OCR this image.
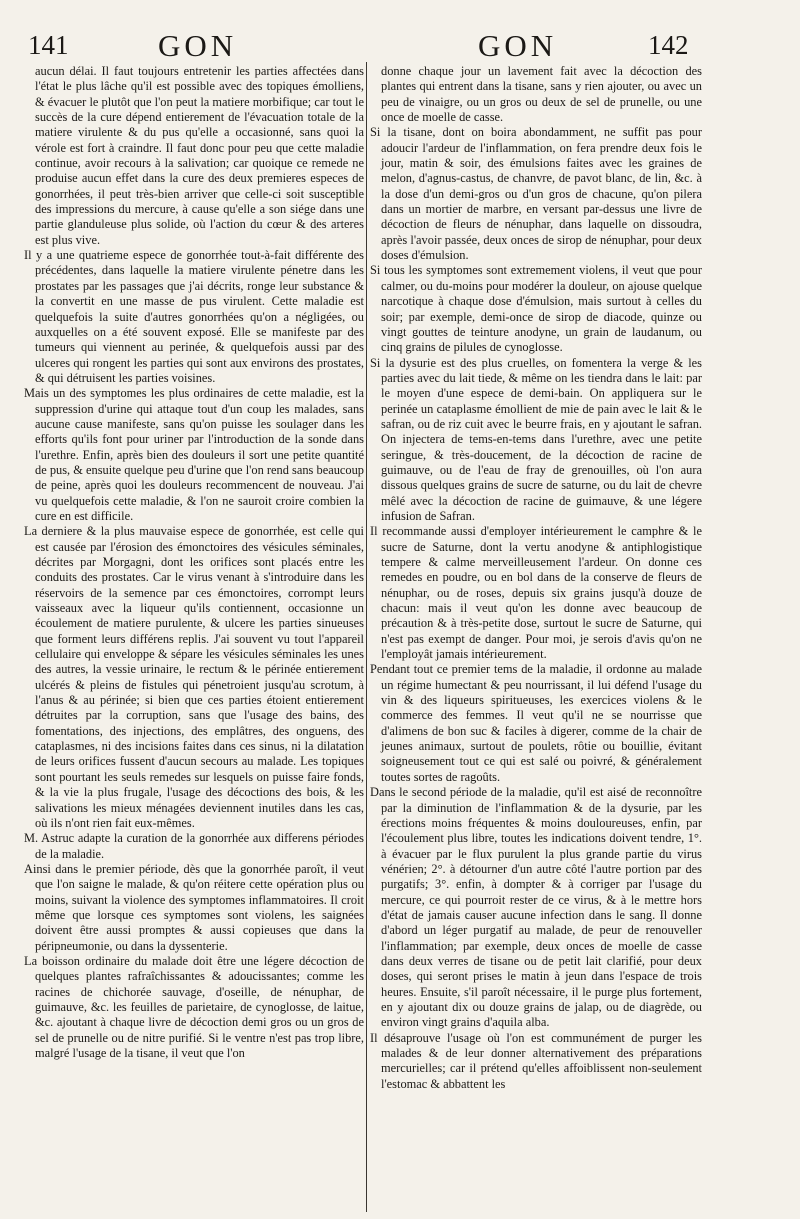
141	GON	GON	142

aucun délai. Il faut toujours entretenir les parties affectées dans l'état le plus lâche qu'il est possible avec des topiques émolliens, & évacuer le plutôt que l'on peut la matiere morbifique; car tout le succès de la cure dépend entierement de l'évacuation totale de la matiere virulente & du pus qu'elle a occasionné, sans quoi la vérole est fort à craindre. Il faut donc pour peu que cette maladie continue, avoir recours à la salivation; car quoique ce remede ne produise aucun effet dans la cure des deux premieres especes de gonorrhées, il peut très-bien arriver que celle-ci soit susceptible des impressions du mercure, à cause qu'elle a son siége dans une partie glanduleuse plus solide, où l'action du cœur & des arteres est plus vive.

Il y a une quatrieme espece de gonorrhée tout-à-fait différente des précédentes, dans laquelle la matiere virulente pénetre dans les prostates par les passages que j'ai décrits, ronge leur substance & la convertit en une masse de pus virulent. Cette maladie est quelquefois la suite d'autres gonorrhées qu'on a négligées, ou auxquelles on a été souvent exposé. Elle se manifeste par des tumeurs qui viennent au perinée, & quelquefois aussi par des ulceres qui rongent les parties qui sont aux environs des prostates, & qui détruisent les parties voisines.

Mais un des symptomes les plus ordinaires de cette maladie, est la suppression d'urine qui attaque tout d'un coup les malades, sans aucune cause manifeste, sans qu'on puisse les soulager dans les efforts qu'ils font pour uriner par l'introduction de la sonde dans l'urethre. Enfin, après bien des douleurs il sort une petite quantité de pus, & ensuite quelque peu d'urine que l'on rend sans beaucoup de peine, après quoi les douleurs recommencent de nouveau. J'ai vu quelquefois cette maladie, & l'on ne sauroit croire combien la cure en est difficile.

La derniere & la plus mauvaise espece de gonorrhée, est celle qui est causée par l'érosion des émonctoires des vésicules séminales, décrites par Morgagni, dont les orifices sont placés entre les conduits des prostates. Car le virus venant à s'introduire dans les réservoirs de la semence par ces émonctoires, corrompt leurs vaisseaux avec la liqueur qu'ils contiennent, occasionne un écoulement de matiere purulente, & ulcere les parties sinueuses que forment leurs différens replis. J'ai souvent vu tout l'appareil cellulaire qui enveloppe & sépare les vésicules séminales les unes des autres, la vessie urinaire, le rectum & le périnée entierement ulcérés & pleins de fistules qui pénetroient jusqu'au scrotum, à l'anus & au périnée; si bien que ces parties étoient entierement détruites par la corruption, sans que l'usage des bains, des fomentations, des injections, des emplâtres, des onguens, des cataplasmes, ni des incisions faites dans ces sinus, ni la dilatation de leurs orifices fussent d'aucun secours au malade. Les topiques sont pourtant les seuls remedes sur lesquels on puisse faire fonds, & la vie la plus frugale, l'usage des décoctions des bois, & les salivations les mieux ménagées deviennent inutiles dans les cas, où ils n'ont rien fait eux-mêmes.

M. Astruc adapte la curation de la gonorrhée aux differens périodes de la maladie.

Ainsi dans le premier période, dès que la gonorrhée paroît, il veut que l'on saigne le malade, & qu'on réitere cette opération plus ou moins, suivant la violence des symptomes inflammatoires. Il croit même que lorsque ces symptomes sont violens, les saignées doivent être aussi promptes & aussi copieuses que dans la péripneumonie, ou dans la dyssenterie.

La boisson ordinaire du malade doit être une légere décoction de quelques plantes rafraîchissantes & adoucissantes; comme les racines de chichorée sauvage, d'oseille, de nénuphar, de guimauve, &c. les feuilles de parietaire, de cynoglosse, de laitue, &c. ajoutant à chaque livre de décoction demi gros ou un gros de sel de prunelle ou de nitre purifié. Si le ventre n'est pas trop libre, malgré l'usage de la tisane, il veut que l'on

donne chaque jour un lavement fait avec la décoction des plantes qui entrent dans la tisane, sans y rien ajouter, ou avec un peu de vinaigre, ou un gros ou deux de sel de prunelle, ou une once de moelle de casse.

Si la tisane, dont on boira abondamment, ne suffit pas pour adoucir l'ardeur de l'inflammation, on fera prendre deux fois le jour, matin & soir, des émulsions faites avec les graines de melon, d'agnus-castus, de chanvre, de pavot blanc, de lin, &c. à la dose d'un demi-gros ou d'un gros de chacune, qu'on pilera dans un mortier de marbre, en versant par-dessus une livre de décoction de fleurs de nénuphar, dans laquelle on dissoudra, après l'avoir passée, deux onces de sirop de nénuphar, pour deux doses d'émulsion.

Si tous les symptomes sont extremement violens, il veut que pour calmer, ou du-moins pour modérer la douleur, on ajouse quelque narcotique à chaque dose d'émulsion, mais surtout à celles du soir; par exemple, demi-once de sirop de diacode, quinze ou vingt gouttes de teinture anodyne, un grain de laudanum, ou cinq grains de pilules de cynoglosse.

Si la dysurie est des plus cruelles, on fomentera la verge & les parties avec du lait tiede, & même on les tiendra dans le lait: par le moyen d'une espece de demi-bain. On appliquera sur le perinée un cataplasme émollient de mie de pain avec le lait & le safran, ou de riz cuit avec le beurre frais, en y ajoutant le safran. On injectera de tems-en-tems dans l'urethre, avec une petite seringue, & très-doucement, de la décoction de racine de guimauve, ou de l'eau de fray de grenouilles, où l'on aura dissous quelques grains de sucre de saturne, ou du lait de chevre mêlé avec la décoction de racine de guimauve, & une légere infusion de Safran.

Il recommande aussi d'employer intérieurement le camphre & le sucre de Saturne, dont la vertu anodyne & antiphlogistique tempere & calme merveilleusement l'ardeur. On donne ces remedes en poudre, ou en bol dans de la conserve de fleurs de nénuphar, ou de roses, depuis six grains jusqu'à douze de chacun: mais il veut qu'on les donne avec beaucoup de précaution & à très-petite dose, surtout le sucre de Saturne, qui n'est pas exempt de danger. Pour moi, je serois d'avis qu'on ne l'employât jamais intérieurement.

Pendant tout ce premier tems de la maladie, il ordonne au malade un régime humectant & peu nourrissant, il lui défend l'usage du vin & des liqueurs spiritueuses, les exercices violens & le commerce des femmes. Il veut qu'il ne se nourrisse que d'alimens de bon suc & faciles à digerer, comme de la chair de jeunes animaux, surtout de poulets, rôtie ou bouillie, évitant soigneusement tout ce qui est salé ou poivré, & généralement toutes sortes de ragoûts.

Dans le second période de la maladie, qu'il est aisé de reconnoître par la diminution de l'inflammation & de la dysurie, par les érections moins fréquentes & moins douloureuses, enfin, par l'écoulement plus libre, toutes les indications doivent tendre, 1°. à évacuer par le flux purulent la plus grande partie du virus vénérien; 2°. à détourner d'un autre côté l'autre portion par des purgatifs; 3°. enfin, à dompter & à corriger par l'usage du mercure, ce qui pourroit rester de ce virus, & à le mettre hors d'état de jamais causer aucune infection dans le sang. Il donne d'abord un léger purgatif au malade, de peur de renouveller l'inflammation; par exemple, deux onces de moelle de casse dans deux verres de tisane ou de petit lait clarifié, pour deux doses, qui seront prises le matin à jeun dans l'espace de trois heures. Ensuite, s'il paroît nécessaire, il le purge plus fortement, en y ajoutant dix ou douze grains de jalap, ou de diagrède, ou environ vingt grains d'aquila alba.

Il désaprouve l'usage où l'on est communément de purger les malades & de leur donner alternativement des préparations mercurielles; car il prétend qu'elles affoiblissent non-seulement l'estomac & abbattent les
